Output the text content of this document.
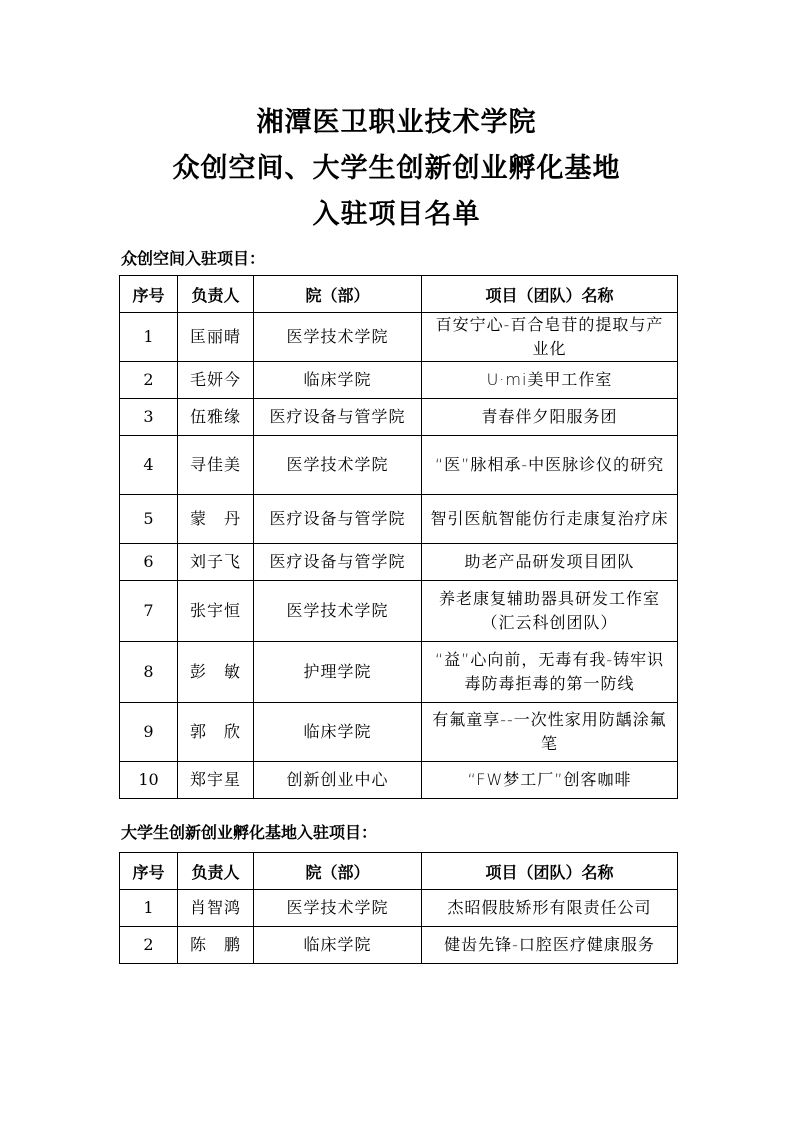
湘潭医卫职业技术学院
众创空间、大学生创新创业孵化基地
入驻项目名单
众创空间入驻项目：
序号	负责人	院（部）	项目（团队）名称
1	匡丽晴	医学技术学院	百安宁心-百合皂苷的提取与产业化
2	毛妍今	临床学院	U·mi美甲工作室
3	伍雅缘	医疗设备与管学院	青春伴夕阳服务团
4	寻佳美	医学技术学院	“医”脉相承-中医脉诊仪的研究
5	蒙　丹	医疗设备与管学院	智引医航智能仿行走康复治疗床
6	刘子飞	医疗设备与管学院	助老产品研发项目团队
7	张宇恒	医学技术学院	养老康复辅助器具研发工作室（汇云科创团队）
8	彭　敏	护理学院	“益”心向前，无毒有我-铸牢识毒防毒拒毒的第一防线
9	郭　欣	临床学院	有氟童享--一次性家用防龋涂氟笔
10	郑宇星	创新创业中心	“FW梦工厂”创客咖啡
大学生创新创业孵化基地入驻项目：
序号	负责人	院（部）	项目（团队）名称
1	肖智鸿	医学技术学院	杰昭假肢矫形有限责任公司
2	陈　鹏	临床学院	健齿先锋-口腔医疗健康服务
